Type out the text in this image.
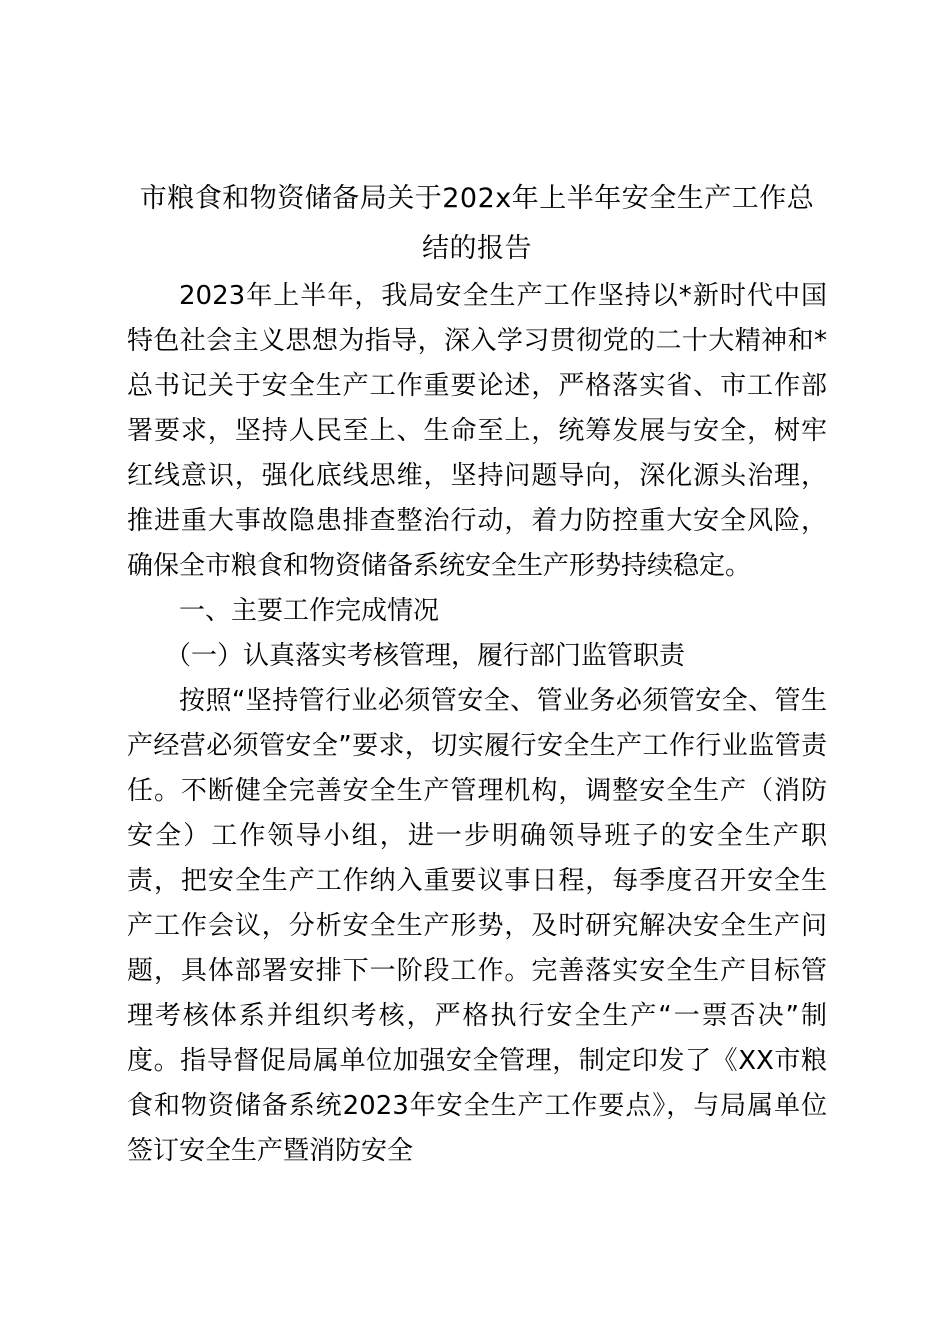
市粮食和物资储备局关于202x年上半年安全生产工作总结的报告

2023年上半年，我局安全生产工作坚持以*新时代中国特色社会主义思想为指导，深入学习贯彻党的二十大精神和*总书记关于安全生产工作重要论述，严格落实省、市工作部署要求，坚持人民至上、生命至上，统筹发展与安全，树牢红线意识，强化底线思维，坚持问题导向，深化源头治理，推进重大事故隐患排查整治行动，着力防控重大安全风险，确保全市粮食和物资储备系统安全生产形势持续稳定。

一、主要工作完成情况

（一）认真落实考核管理，履行部门监管职责

按照“坚持管行业必须管安全、管业务必须管安全、管生产经营必须管安全”要求，切实履行安全生产工作行业监管责任。不断健全完善安全生产管理机构，调整安全生产（消防安全）工作领导小组，进一步明确领导班子的安全生产职责，把安全生产工作纳入重要议事日程，每季度召开安全生产工作会议，分析安全生产形势，及时研究解决安全生产问题，具体部署安排下一阶段工作。完善落实安全生产目标管理考核体系并组织考核，严格执行安全生产“一票否决”制度。指导督促局属单位加强安全管理，制定印发了《XX市粮食和物资储备系统2023年安全生产工作要点》，与局属单位签订安全生产暨消防安全
